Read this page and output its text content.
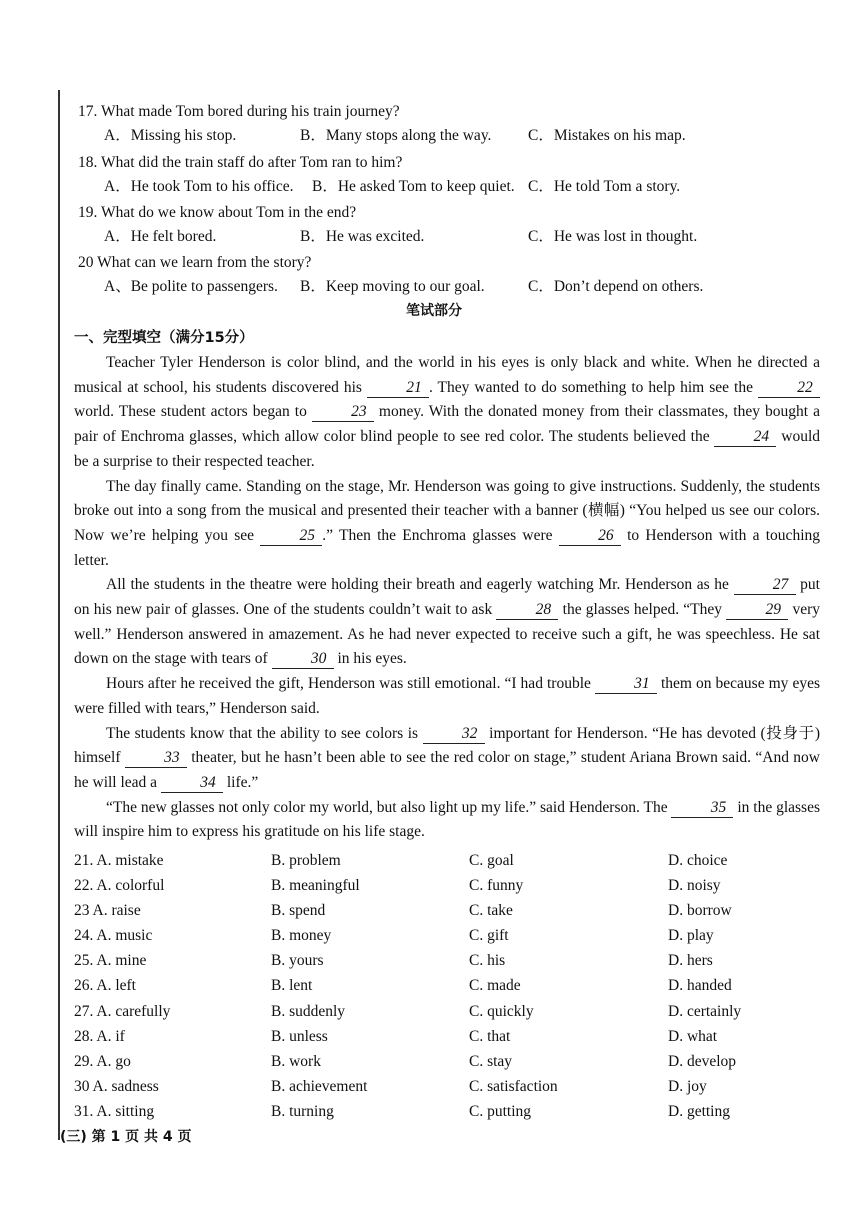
17. What made Tom bored during his train journey?
A．Missing his stop.	B．Many stops along the way.	C．Mistakes on his map.
18. What did the train staff do after Tom ran to him?
A．He took Tom to his office.	B．He asked Tom to keep quiet. C．He told Tom a story.
19. What do we know about Tom in the end?
A．He felt bored.	B．He was excited.	C．He was lost in thought.
20 What can we learn from the story?
A、Be polite to passengers.	B．Keep moving to our goal.	C．Don’t depend on others.
笔试部分
一、完型填空（满分15分）

Teacher Tyler Henderson is color blind, and the world in his eyes is only black and white. When he directed a musical at school, his students discovered his	21 . They wanted to do something to help him see the	22 world. These student actors began to	23 money. With the donated money from their classmates, they bought a pair of Enchroma glasses, which allow color blind people to see red color. The students believed the	24 would be a surprise to their respected teacher.

The day finally came. Standing on the stage, Mr. Henderson was going to give instructions. Suddenly, the students broke out into a song from the musical and presented their teacher with a banner (横幅) “You helped us see our colors. Now we’re helping you see	25 .” Then the Enchroma glasses were	26 to Henderson with a touching letter.

All the students in the theatre were holding their breath and eagerly watching Mr. Henderson as he	27 put on his new pair of glasses. One of the students couldn’t wait to ask	28 the glasses helped. “They	29 very well.” Henderson answered in amazement. As he had never expected to receive such a gift, he was speechless. He sat down on the stage with tears of	30 in his eyes.

Hours after he received the gift, Henderson was still emotional. “I had trouble	31 them on because my eyes were filled with tears,” Henderson said.

The students know that the ability to see colors is	32 important for Henderson. “He has devoted (投身于) himself	33 theater, but he hasn’t been able to see the red color on stage,” student Ariana Brown said. “And now he will lead a	34 life.”

“The new glasses not only color my world, but also light up my life.” said Henderson. The	35 in the glasses will inspire him to express his gratitude on his life stage.

21. A. mistake	B. problem	C. goal	D. choice
22. A. colorful	B. meaningful	C. funny	D. noisy
23 A. raise	B. spend	C. take	D. borrow
24. A. music	B. money	C. gift	D. play
25. A. mine	B. yours	C. his	D. hers
26. A. left	B. lent	C. made	D. handed
27. A. carefully	B. suddenly	C. quickly	D. certainly
28. A. if	B. unless	C. that	D. what
29. A. go	B. work	C. stay	D. develop
30 A. sadness	B. achievement	C. satisfaction	D. joy
31. A. sitting	B. turning	C. putting	D. getting
(三) 第 1 页 共 4 页
